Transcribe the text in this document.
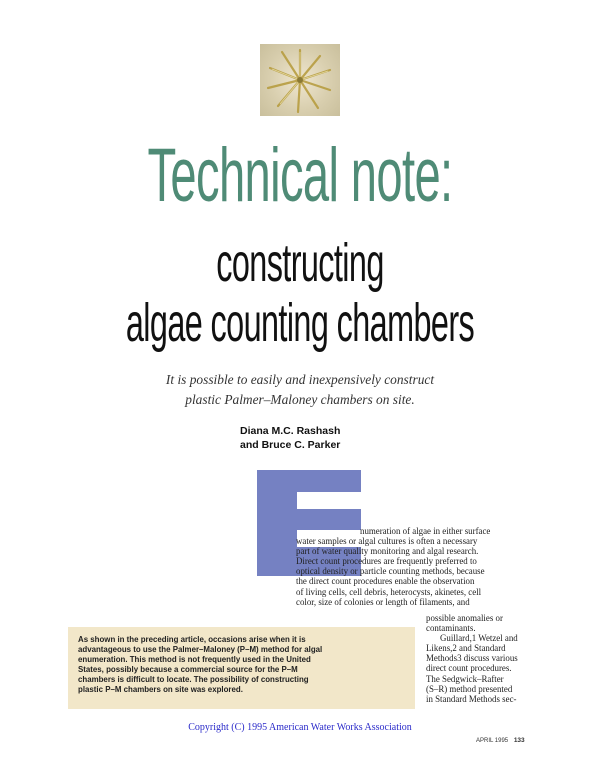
Technical note:
constructing
algae counting chambers

It is possible to easily and inexpensively construct

plastic Palmer–Maloney chambers on site.

Diana M.C. Rashash

and Bruce C. Parker

numeration of algae in either surface

water samples or algal cultures is often a necessary

part of water quality monitoring and algal research.

Direct count procedures are frequently preferred to

optical density or particle counting methods, because

the direct count procedures enable the observation

of living cells, cell debris, heterocysts, akinetes, cell

color, size of colonies or length of filaments, and

possible anomalies or

contaminants.

Guillard,1 Wetzel and

Likens,2 and Standard

Methods3 discuss various

direct count procedures.

The Sedgwick–Rafter

(S–R) method presented

in Standard Methods sec-

As shown in the preceding article, occasions arise when it is

advantageous to use the Palmer–Maloney (P–M) method for algal

enumeration. This method is not frequently used in the United

States, possibly because a commercial source for the P–M

chambers is difficult to locate. The possibility of constructing

plastic P–M chambers on site was explored.

Copyright (C) 1995 American Water Works Association
APRIL 1995 133
